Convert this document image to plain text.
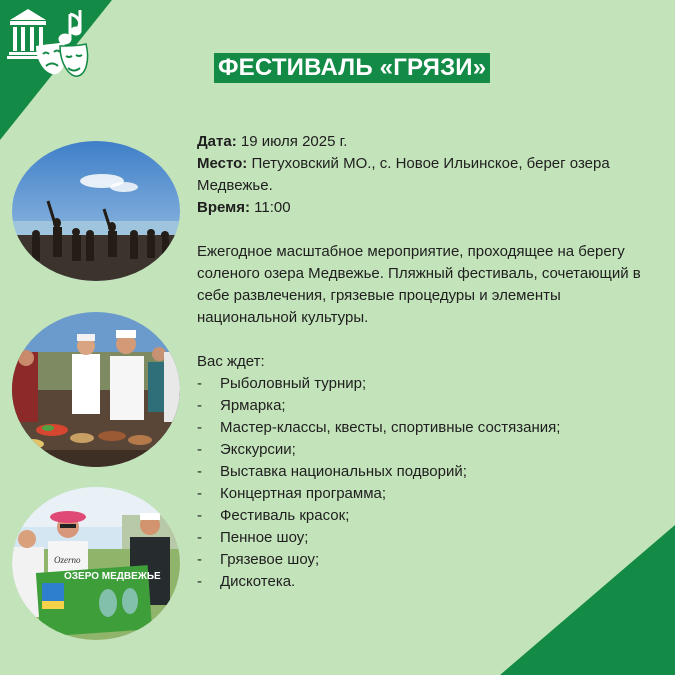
ФЕСТИВАЛЬ «ГРЯЗИ»
ОЗЕРО МЕДВЕЖЬЕ
Ozerno

Дата: 19 июля 2025 г.

Место: Петуховский МО., с. Новое Ильинское, берег озера Медвежье.

Время: 11:00

Ежегодное масштабное мероприятие, проходящее на берегу соленого озера Медвежье. Пляжный фестиваль, сочетающий в себе развлечения, грязевые процедуры и элементы национальной культуры.

Вас ждет:

-	Рыболовный турнир;
-	Ярмарка;
-	Мастер-классы, квесты, спортивные состязания;
-	Экскурсии;
-	Выставка национальных подворий;
-	Концертная программа;
-	Фестиваль красок;
-	Пенное шоу;
-	Грязевое шоу;
-	Дискотека.
